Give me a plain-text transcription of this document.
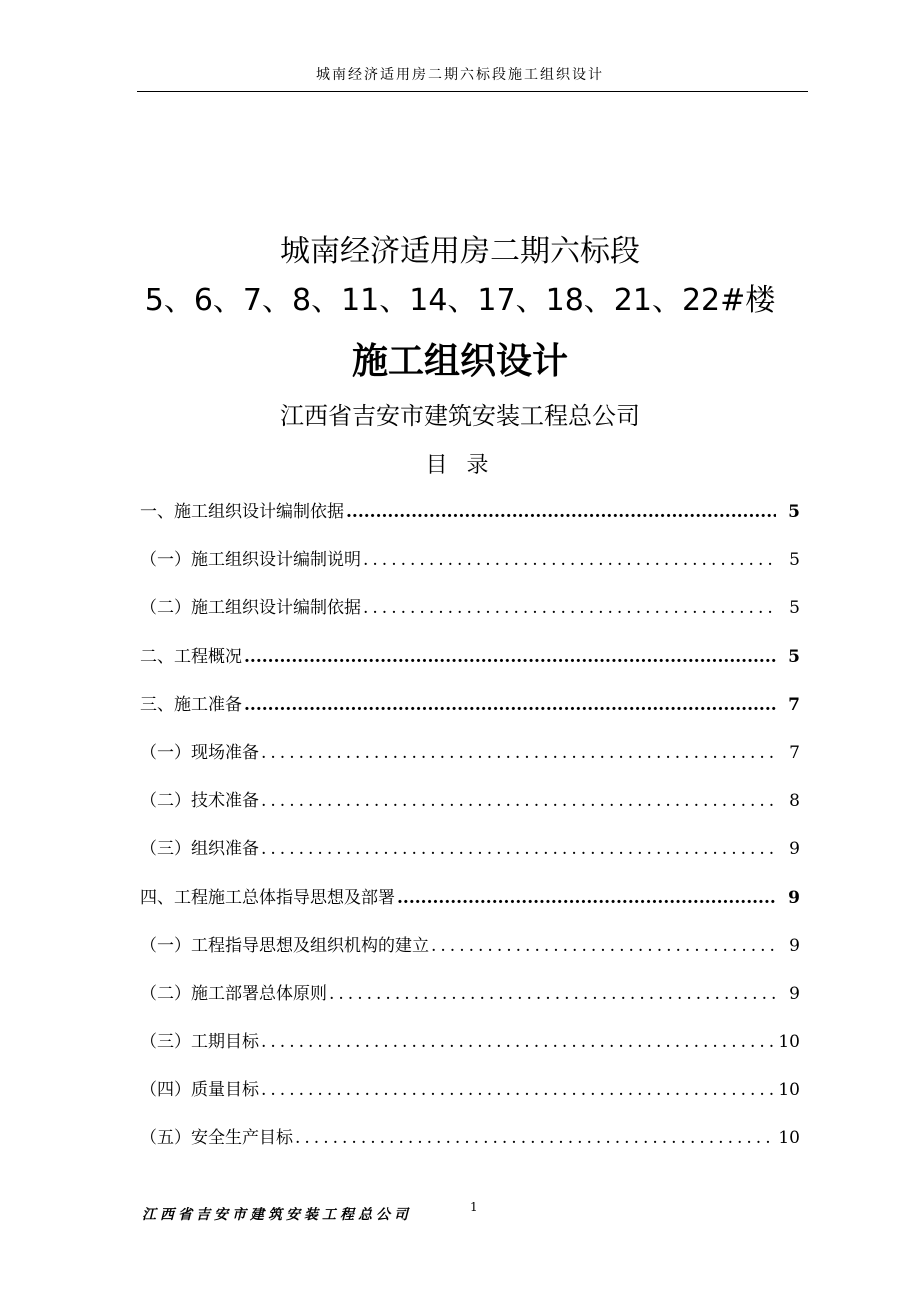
城南经济适用房二期六标段施工组织设计
城南经济适用房二期六标段
5、6、7、8、11、14、17、18、21、22#楼
施工组织设计
江西省吉安市建筑安装工程总公司
目 录
一、施工组织设计编制依据 .....	5
（一）施工组织设计编制说明 .....	5
（二）施工组织设计编制依据 .....	5
二、工程概况 .....	5
三、施工准备 .....	7
（一）现场准备 .....	7
（二）技术准备 .....	8
（三）组织准备 .....	9
四、工程施工总体指导思想及部署 .....	9
（一）工程指导思想及组织机构的建立 .....	9
（二）施工部署总体原则 .....	9
（三）工期目标 .....	10
（四）质量目标 .....	10
（五）安全生产目标 .....	10
江西省吉安市建筑安装工程总公司	1
